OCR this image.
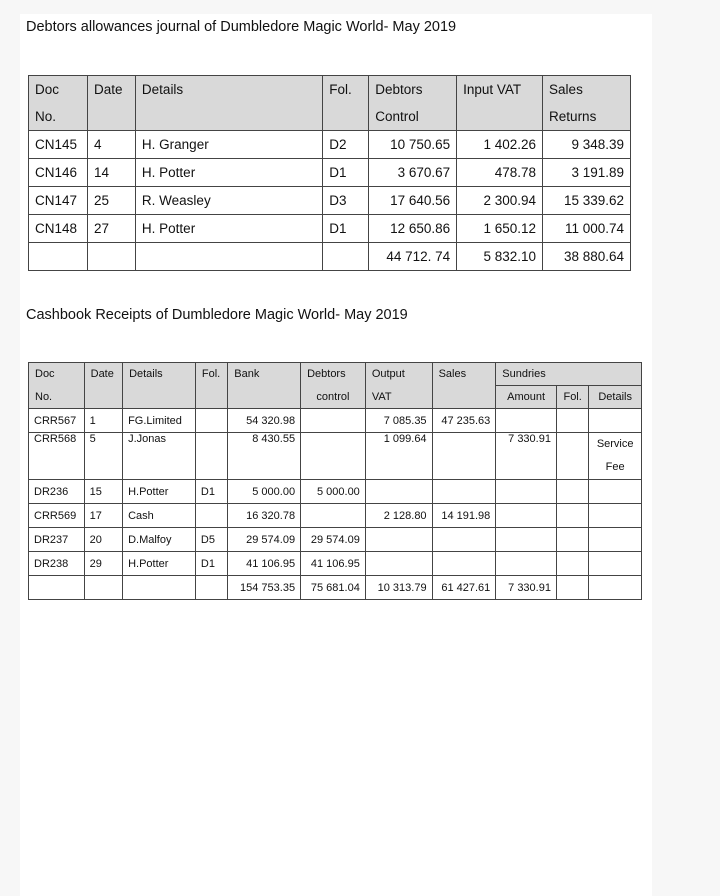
Debtors allowances journal of Dumbledore Magic World- May 2019
Doc	Date	Details	Fol.	Debtors	Input VAT	Sales
No.				Control		Returns
CN145	4	H. Granger	D2	10 750.65	1 402.26	9 348.39
CN146	14	H. Potter	D1	3 670.67	478.78	3 191.89
CN147	25	R. Weasley	D3	17 640.56	2 300.94	15 339.62
CN148	27	H. Potter	D1	12 650.86	1 650.12	11 000.74
				44 712. 74	5 832.10	38 880.64
Cashbook Receipts of Dumbledore Magic World- May 2019
Doc	Date	Details	Fol.	Bank	Debtors	Output	Sales	Sundries		
No.					control	VAT		Amount	Fol.	Details
CRR567	1	FG.Limited		54 320.98		7 085.35	47 235.63			
CRR568	5	J.Jonas		8 430.55		1 099.64		7 330.91		Service Fee
DR236	15	H.Potter	D1	5 000.00	5 000.00					
CRR569	17	Cash		16 320.78		2 128.80	14 191.98			
DR237	20	D.Malfoy	D5	29 574.09	29 574.09					
DR238	29	H.Potter	D1	41 106.95	41 106.95					
				154 753.35	75 681.04	10 313.79	61 427.61	7 330.91		
